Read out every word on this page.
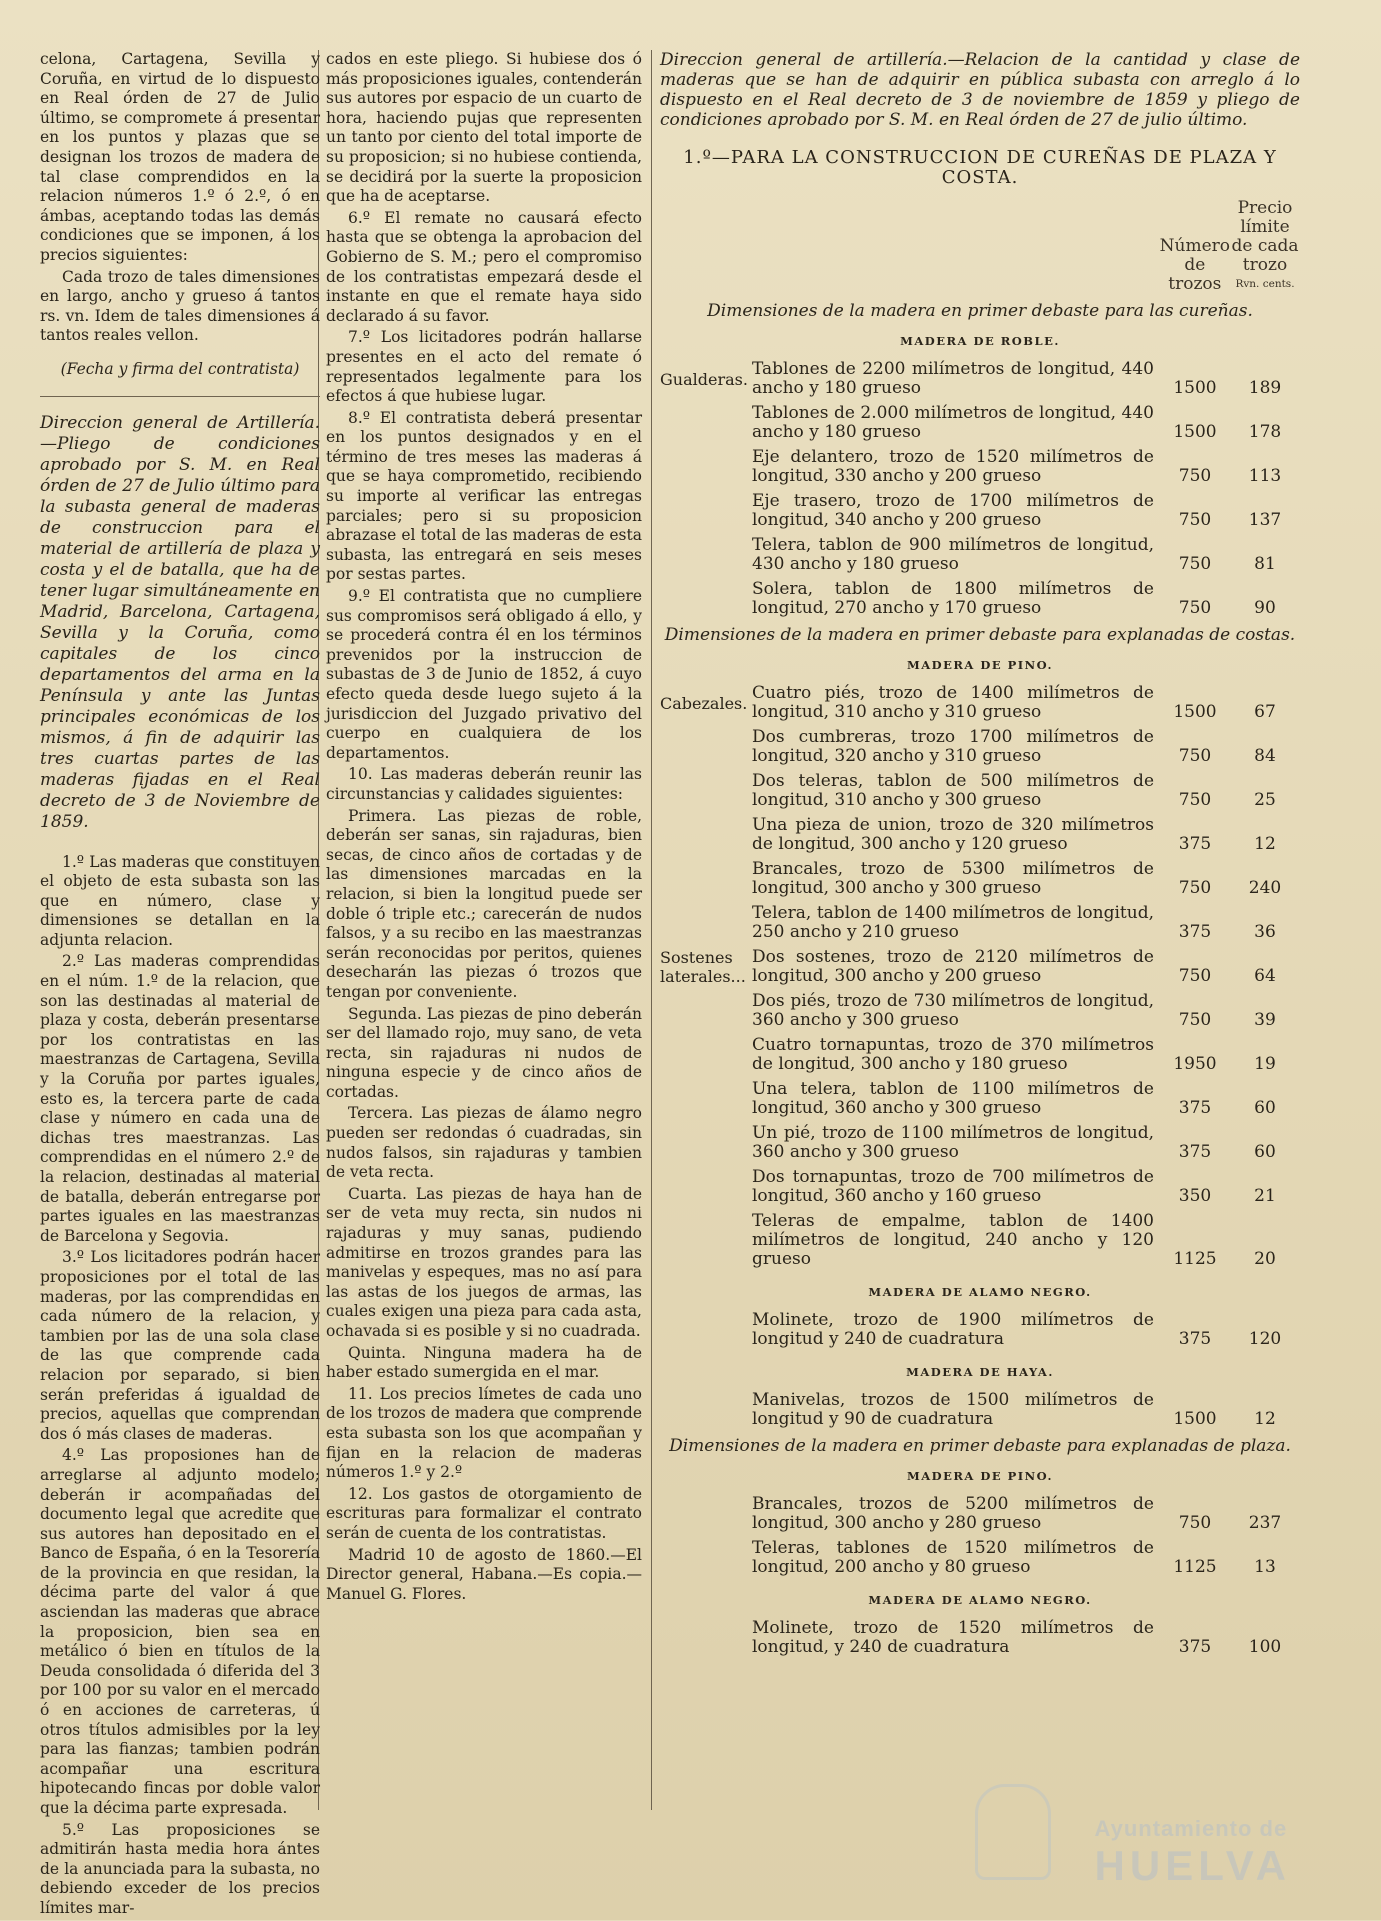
celona, Cartagena, Sevilla y Coruña, en virtud de lo dispuesto en Real órden de 27 de Julio último, se compromete á presentar en los puntos y plazas que se designan los trozos de madera de tal clase comprendidos en la relacion números 1.º ó 2.º, ó en ámbas, aceptando todas las demás condiciones que se imponen, á los precios siguientes:

Cada trozo de tales dimensiones en largo, ancho y grueso á tantos rs. vn. Idem de tales dimensiones á tantos reales vellon.

(Fecha y firma del contratista)

Direccion general de Artillería.—Pliego de condiciones aprobado por S. M. en Real órden de 27 de Julio último para la subasta general de maderas de construccion para el material de artillería de plaza y costa y el de batalla, que ha de tener lugar simultáneamente en Madrid, Barcelona, Cartagena, Sevilla y la Coruña, como capitales de los cinco departamentos del arma en la Península y ante las Juntas principales económicas de los mismos, á fin de adquirir las tres cuartas partes de las maderas fijadas en el Real decreto de 3 de Noviembre de 1859.

1.º Las maderas que constituyen el objeto de esta subasta son las que en número, clase y dimensiones se detallan en la adjunta relacion.

2.º Las maderas comprendidas en el núm. 1.º de la relacion, que son las destinadas al material de plaza y costa, deberán presentarse por los contratistas en las maestranzas de Cartagena, Sevilla y la Coruña por partes iguales, esto es, la tercera parte de cada clase y número en cada una de dichas tres maestranzas. Las comprendidas en el número 2.º de la relacion, destinadas al material de batalla, deberán entregarse por partes iguales en las maestranzas de Barcelona y Segovia.

3.º Los licitadores podrán hacer proposiciones por el total de las maderas, por las comprendidas en cada número de la relacion, y tambien por las de una sola clase de las que comprende cada relacion por separado, si bien serán preferidas á igualdad de precios, aquellas que comprendan dos ó más clases de maderas.

4.º Las proposiones han de arreglarse al adjunto modelo; deberán ir acompañadas del documento legal que acredite que sus autores han depositado en el Banco de España, ó en la Tesorería de la provincia en que residan, la décima parte del valor á que asciendan las maderas que abrace la proposicion, bien sea en metálico ó bien en títulos de la Deuda consolidada ó diferida del 3 por 100 por su valor en el mercado ó en acciones de carreteras, ú otros títulos admisibles por la ley para las fianzas; tambien podrán acompañar una escritura hipotecando fincas por doble valor que la décima parte expresada.

5.º Las proposiciones se admitirán hasta media hora ántes de la anunciada para la subasta, no debiendo exceder de los precios límites mar-

cados en este pliego. Si hubiese dos ó más proposiciones iguales, contenderán sus autores por espacio de un cuarto de hora, haciendo pujas que representen un tanto por ciento del total importe de su proposicion; si no hubiese contienda, se decidirá por la suerte la proposicion que ha de aceptarse.

6.º El remate no causará efecto hasta que se obtenga la aprobacion del Gobierno de S. M.; pero el compromiso de los contratistas empezará desde el instante en que el remate haya sido declarado á su favor.

7.º Los licitadores podrán hallarse presentes en el acto del remate ó representados legalmente para los efectos á que hubiese lugar.

8.º El contratista deberá presentar en los puntos designados y en el término de tres meses las maderas á que se haya comprometido, recibiendo su importe al verificar las entregas parciales; pero si su proposicion abrazase el total de las maderas de esta subasta, las entregará en seis meses por sestas partes.

9.º El contratista que no cumpliere sus compromisos será obligado á ello, y se procederá contra él en los términos prevenidos por la instruccion de subastas de 3 de Junio de 1852, á cuyo efecto queda desde luego sujeto á la jurisdiccion del Juzgado privativo del cuerpo en cualquiera de los departamentos.

10. Las maderas deberán reunir las circunstancias y calidades siguientes:

Primera. Las piezas de roble, deberán ser sanas, sin rajaduras, bien secas, de cinco años de cortadas y de las dimensiones marcadas en la relacion, si bien la longitud puede ser doble ó triple etc.; carecerán de nudos falsos, y a su recibo en las maestranzas serán reconocidas por peritos, quienes desecharán las piezas ó trozos que tengan por conveniente.

Segunda. Las piezas de pino deberán ser del llamado rojo, muy sano, de veta recta, sin rajaduras ni nudos de ninguna especie y de cinco años de cortadas.

Tercera. Las piezas de álamo negro pueden ser redondas ó cuadradas, sin nudos falsos, sin rajaduras y tambien de veta recta.

Cuarta. Las piezas de haya han de ser de veta muy recta, sin nudos ni rajaduras y muy sanas, pudiendo admitirse en trozos grandes para las manivelas y espeques, mas no así para las astas de los juegos de armas, las cuales exigen una pieza para cada asta, ochavada si es posible y si no cuadrada.

Quinta. Ninguna madera ha de haber estado sumergida en el mar.

11. Los precios límetes de cada uno de los trozos de madera que comprende esta subasta son los que acompañan y fijan en la relacion de maderas números 1.º y 2.º

12. Los gastos de otorgamiento de escrituras para formalizar el contrato serán de cuenta de los contratistas.

Madrid 10 de agosto de 1860.—El Director general, Habana.—Es copia.—Manuel G. Flores.

Direccion general de artillería.—Relacion de la cantidad y clase de maderas que se han de adquirir en pública subasta con arreglo á lo dispuesto en el Real decreto de 3 de noviembre de 1859 y pliego de condiciones aprobado por S. M. en Real órden de 27 de julio último.

1.º—PARA LA CONSTRUCCION DE CUREÑAS DE PLAZA Y COSTA.
		Número de trozos	
Precio límite de cada trozo
Rvn. cents.
Dimensiones de la madera en primer debaste para las cureñas.
MADERA DE ROBLE.
Gualderas.	Tablones de 2200 milímetros de longitud, 440 ancho y 180 grueso	1500	189
	Tablones de 2.000 milímetros de longitud, 440 ancho y 180 grueso	1500	178
	Eje delantero, trozo de 1520 milímetros de longitud, 330 ancho y 200 grueso	750	113
	Eje trasero, trozo de 1700 milímetros de longitud, 340 ancho y 200 grueso	750	137
	Telera, tablon de 900 milímetros de longitud, 430 ancho y 180 grueso	750	81
	Solera, tablon de 1800 milímetros de longitud, 270 ancho y 170 grueso	750	90
Dimensiones de la madera en primer debaste para explanadas de costas.
MADERA DE PINO.
Cabezales.	Cuatro piés, trozo de 1400 milímetros de longitud, 310 ancho y 310 grueso	1500	67
	Dos cumbreras, trozo 1700 milímetros de longitud, 320 ancho y 310 grueso	750	84
	Dos teleras, tablon de 500 milímetros de longitud, 310 ancho y 300 grueso	750	25
	Una pieza de union, trozo de 320 milímetros de longitud, 300 ancho y 120 grueso	375	12
	Brancales, trozo de 5300 milímetros de longitud, 300 ancho y 300 grueso	750	240
	Telera, tablon de 1400 milímetros de longitud, 250 ancho y 210 grueso	375	36
Sostenes laterales...	Dos sostenes, trozo de 2120 milímetros de longitud, 300 ancho y 200 grueso	750	64
	Dos piés, trozo de 730 milímetros de longitud, 360 ancho y 300 grueso	750	39
	Cuatro tornapuntas, trozo de 370 milímetros de longitud, 300 ancho y 180 grueso	1950	19
	Una telera, tablon de 1100 milímetros de longitud, 360 ancho y 300 grueso	375	60
	Un pié, trozo de 1100 milímetros de longitud, 360 ancho y 300 grueso	375	60
	Dos tornapuntas, trozo de 700 milímetros de longitud, 360 ancho y 160 grueso	350	21
	Teleras de empalme, tablon de 1400 milímetros de longitud, 240 ancho y 120 grueso	1125	20
MADERA DE ALAMO NEGRO.
	Molinete, trozo de 1900 milímetros de longitud y 240 de cuadratura	375	120
MADERA DE HAYA.
	Manivelas, trozos de 1500 milímetros de longitud y 90 de cuadratura	1500	12
Dimensiones de la madera en primer debaste para explanadas de plaza.
MADERA DE PINO.
	Brancales, trozos de 5200 milímetros de longitud, 300 ancho y 280 grueso	750	237
	Teleras, tablones de 1520 milímetros de longitud, 200 ancho y 80 grueso	1125	13
MADERA DE ALAMO NEGRO.
	Molinete, trozo de 1520 milímetros de longitud, y 240 de cuadratura	375	100
Ayuntamiento de
HUELVA
